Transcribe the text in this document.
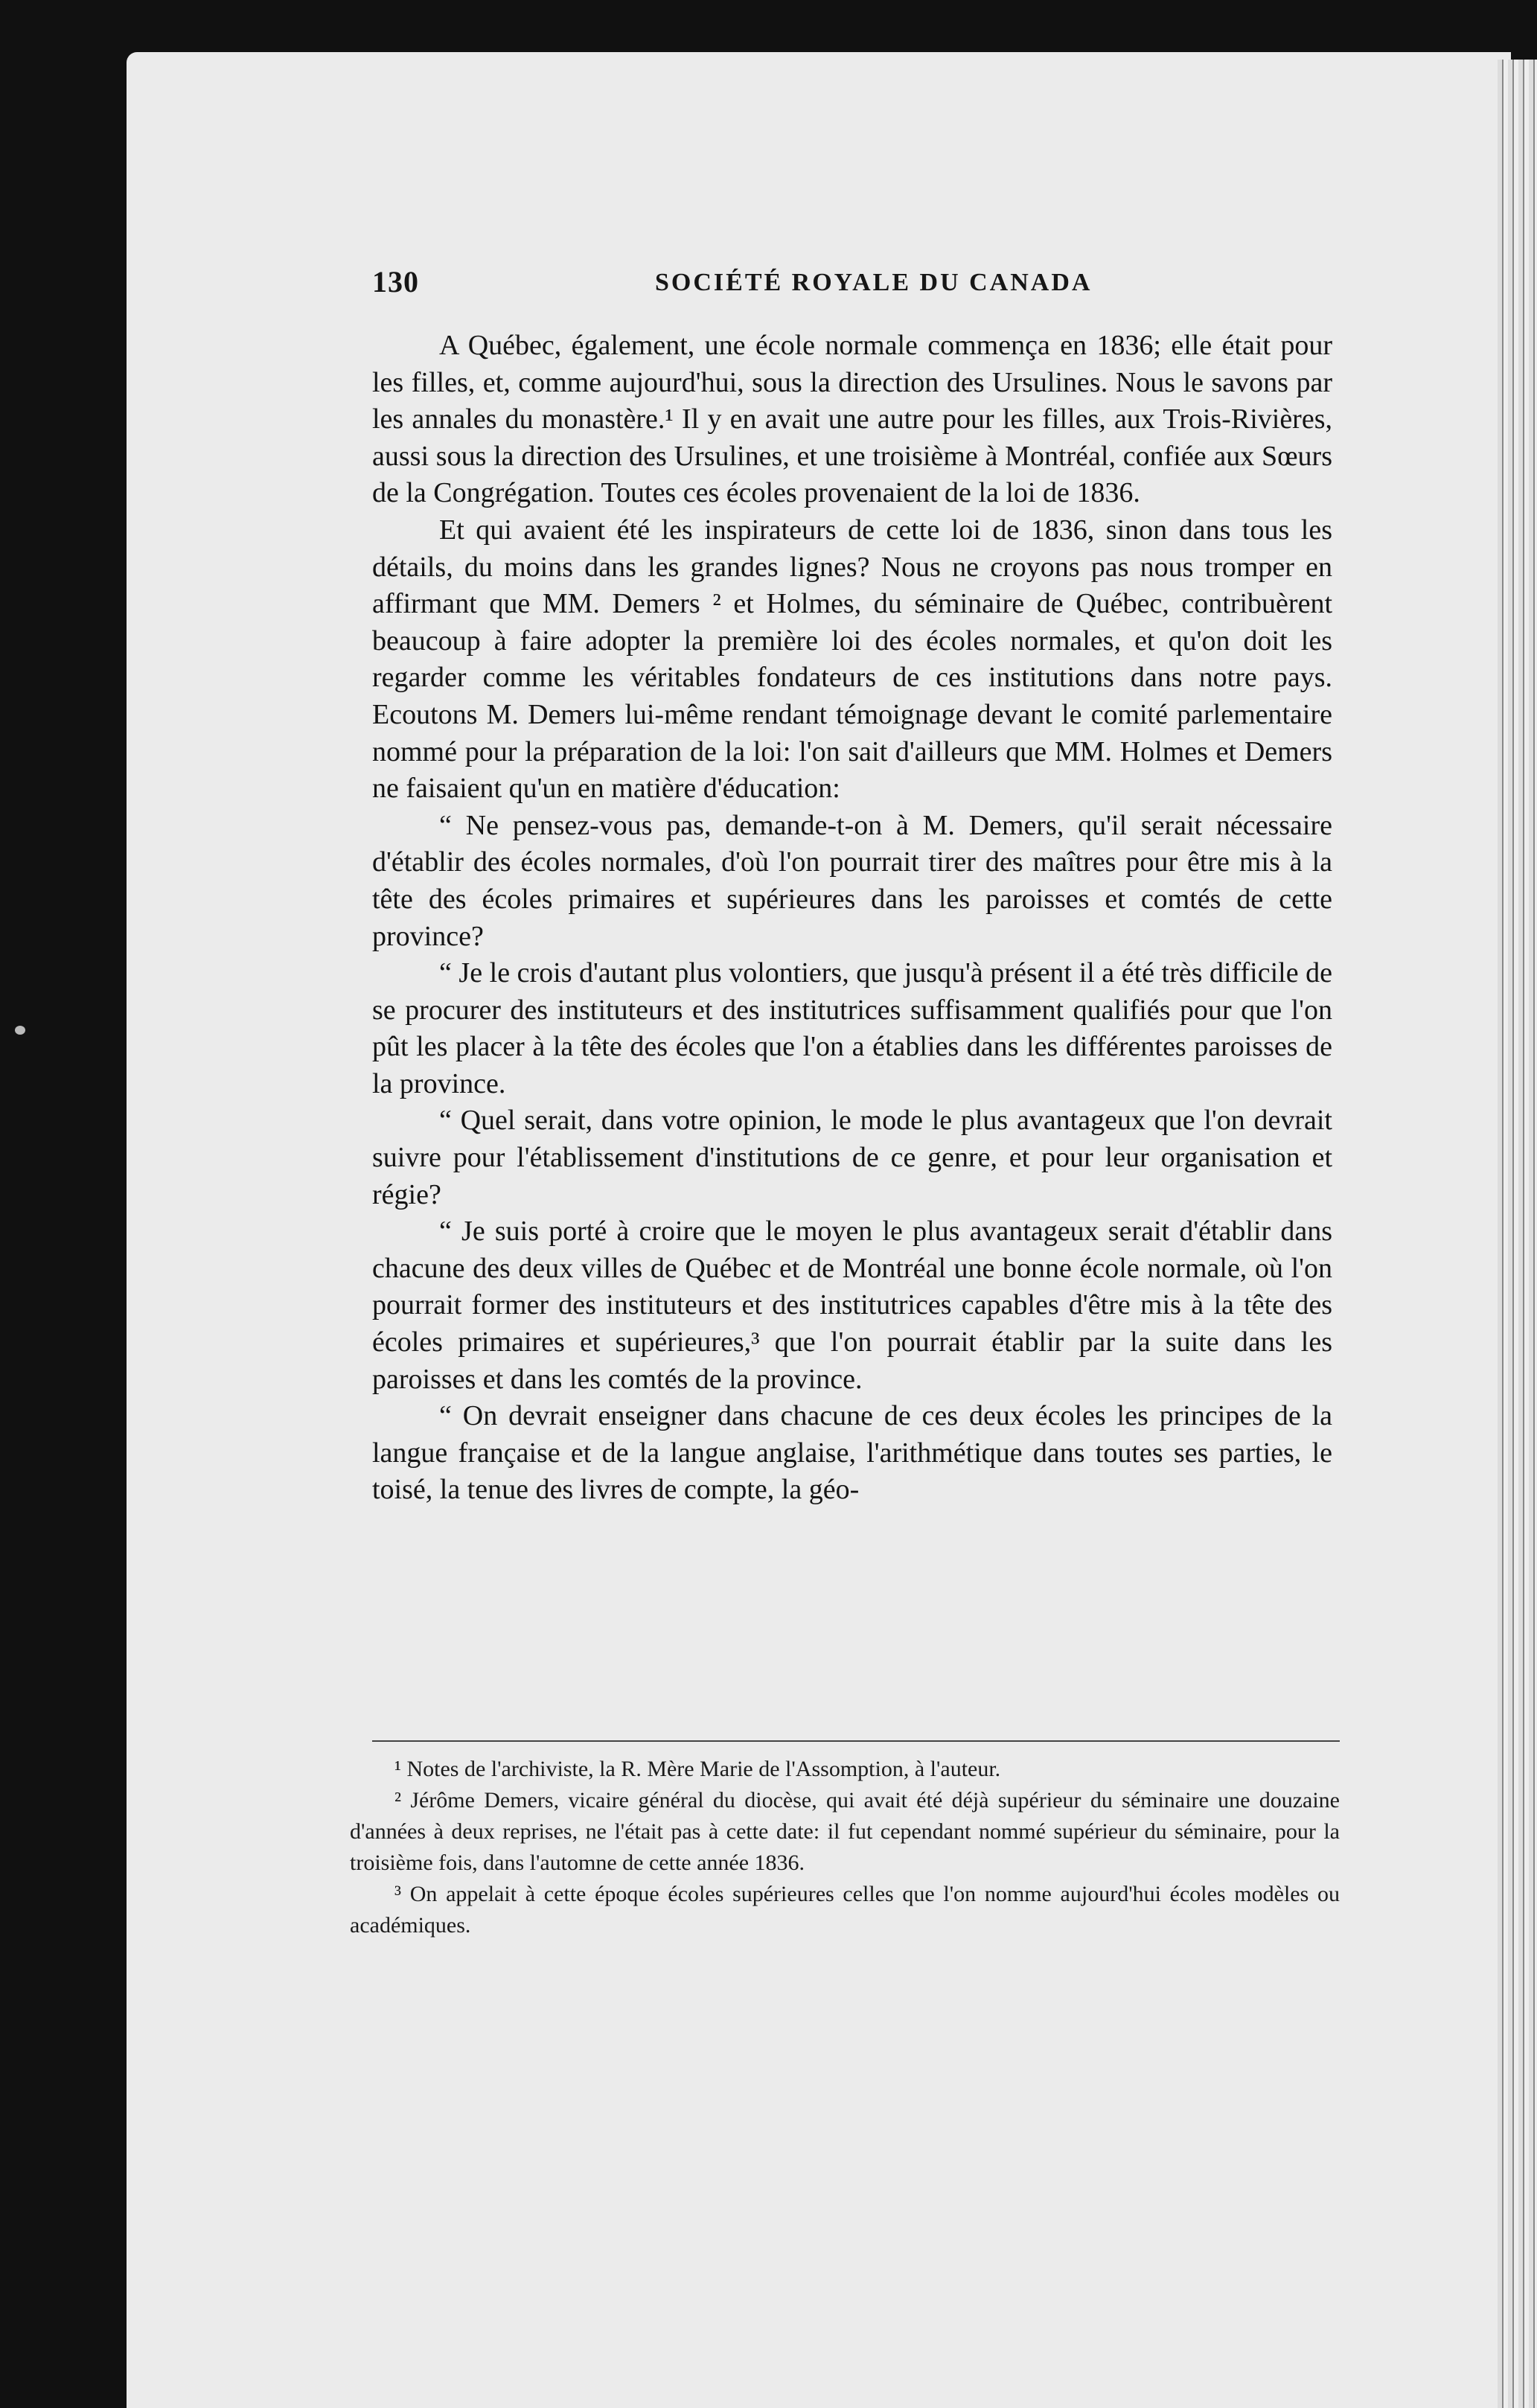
130	SOCIÉTÉ ROYALE DU CANADA

A Québec, également, une école normale commença en 1836; elle était pour les filles, et, comme aujourd'hui, sous la direction des Ursulines. Nous le savons par les annales du monastère.¹ Il y en avait une autre pour les filles, aux Trois-Rivières, aussi sous la direction des Ursulines, et une troisième à Montréal, confiée aux Sœurs de la Congrégation. Toutes ces écoles provenaient de la loi de 1836.

Et qui avaient été les inspirateurs de cette loi de 1836, sinon dans tous les détails, du moins dans les grandes lignes? Nous ne croyons pas nous tromper en affirmant que MM. Demers ² et Holmes, du séminaire de Québec, contribuèrent beaucoup à faire adopter la première loi des écoles normales, et qu'on doit les regarder comme les véritables fondateurs de ces institutions dans notre pays. Ecoutons M. Demers lui-même rendant témoignage devant le comité parlementaire nommé pour la préparation de la loi: l'on sait d'ailleurs que MM. Holmes et Demers ne faisaient qu'un en matière d'éducation:

“ Ne pensez-vous pas, demande-t-on à M. Demers, qu'il serait nécessaire d'établir des écoles normales, d'où l'on pourrait tirer des maîtres pour être mis à la tête des écoles primaires et supérieures dans les paroisses et comtés de cette province?

“ Je le crois d'autant plus volontiers, que jusqu'à présent il a été très difficile de se procurer des instituteurs et des institutrices suffisamment qualifiés pour que l'on pût les placer à la tête des écoles que l'on a établies dans les différentes paroisses de la province.

“ Quel serait, dans votre opinion, le mode le plus avantageux que l'on devrait suivre pour l'établissement d'institutions de ce genre, et pour leur organisation et régie?

“ Je suis porté à croire que le moyen le plus avantageux serait d'établir dans chacune des deux villes de Québec et de Montréal une bonne école normale, où l'on pourrait former des instituteurs et des institutrices capables d'être mis à la tête des écoles primaires et supérieures,³ que l'on pourrait établir par la suite dans les paroisses et dans les comtés de la province.

“ On devrait enseigner dans chacune de ces deux écoles les principes de la langue française et de la langue anglaise, l'arithmétique dans toutes ses parties, le toisé, la tenue des livres de compte, la géo-

¹ Notes de l'archiviste, la R. Mère Marie de l'Assomption, à l'auteur.

² Jérôme Demers, vicaire général du diocèse, qui avait été déjà supérieur du séminaire une douzaine d'années à deux reprises, ne l'était pas à cette date: il fut cependant nommé supérieur du séminaire, pour la troisième fois, dans l'automne de cette année 1836.

³ On appelait à cette époque écoles supérieures celles que l'on nomme aujourd'hui écoles modèles ou académiques.
